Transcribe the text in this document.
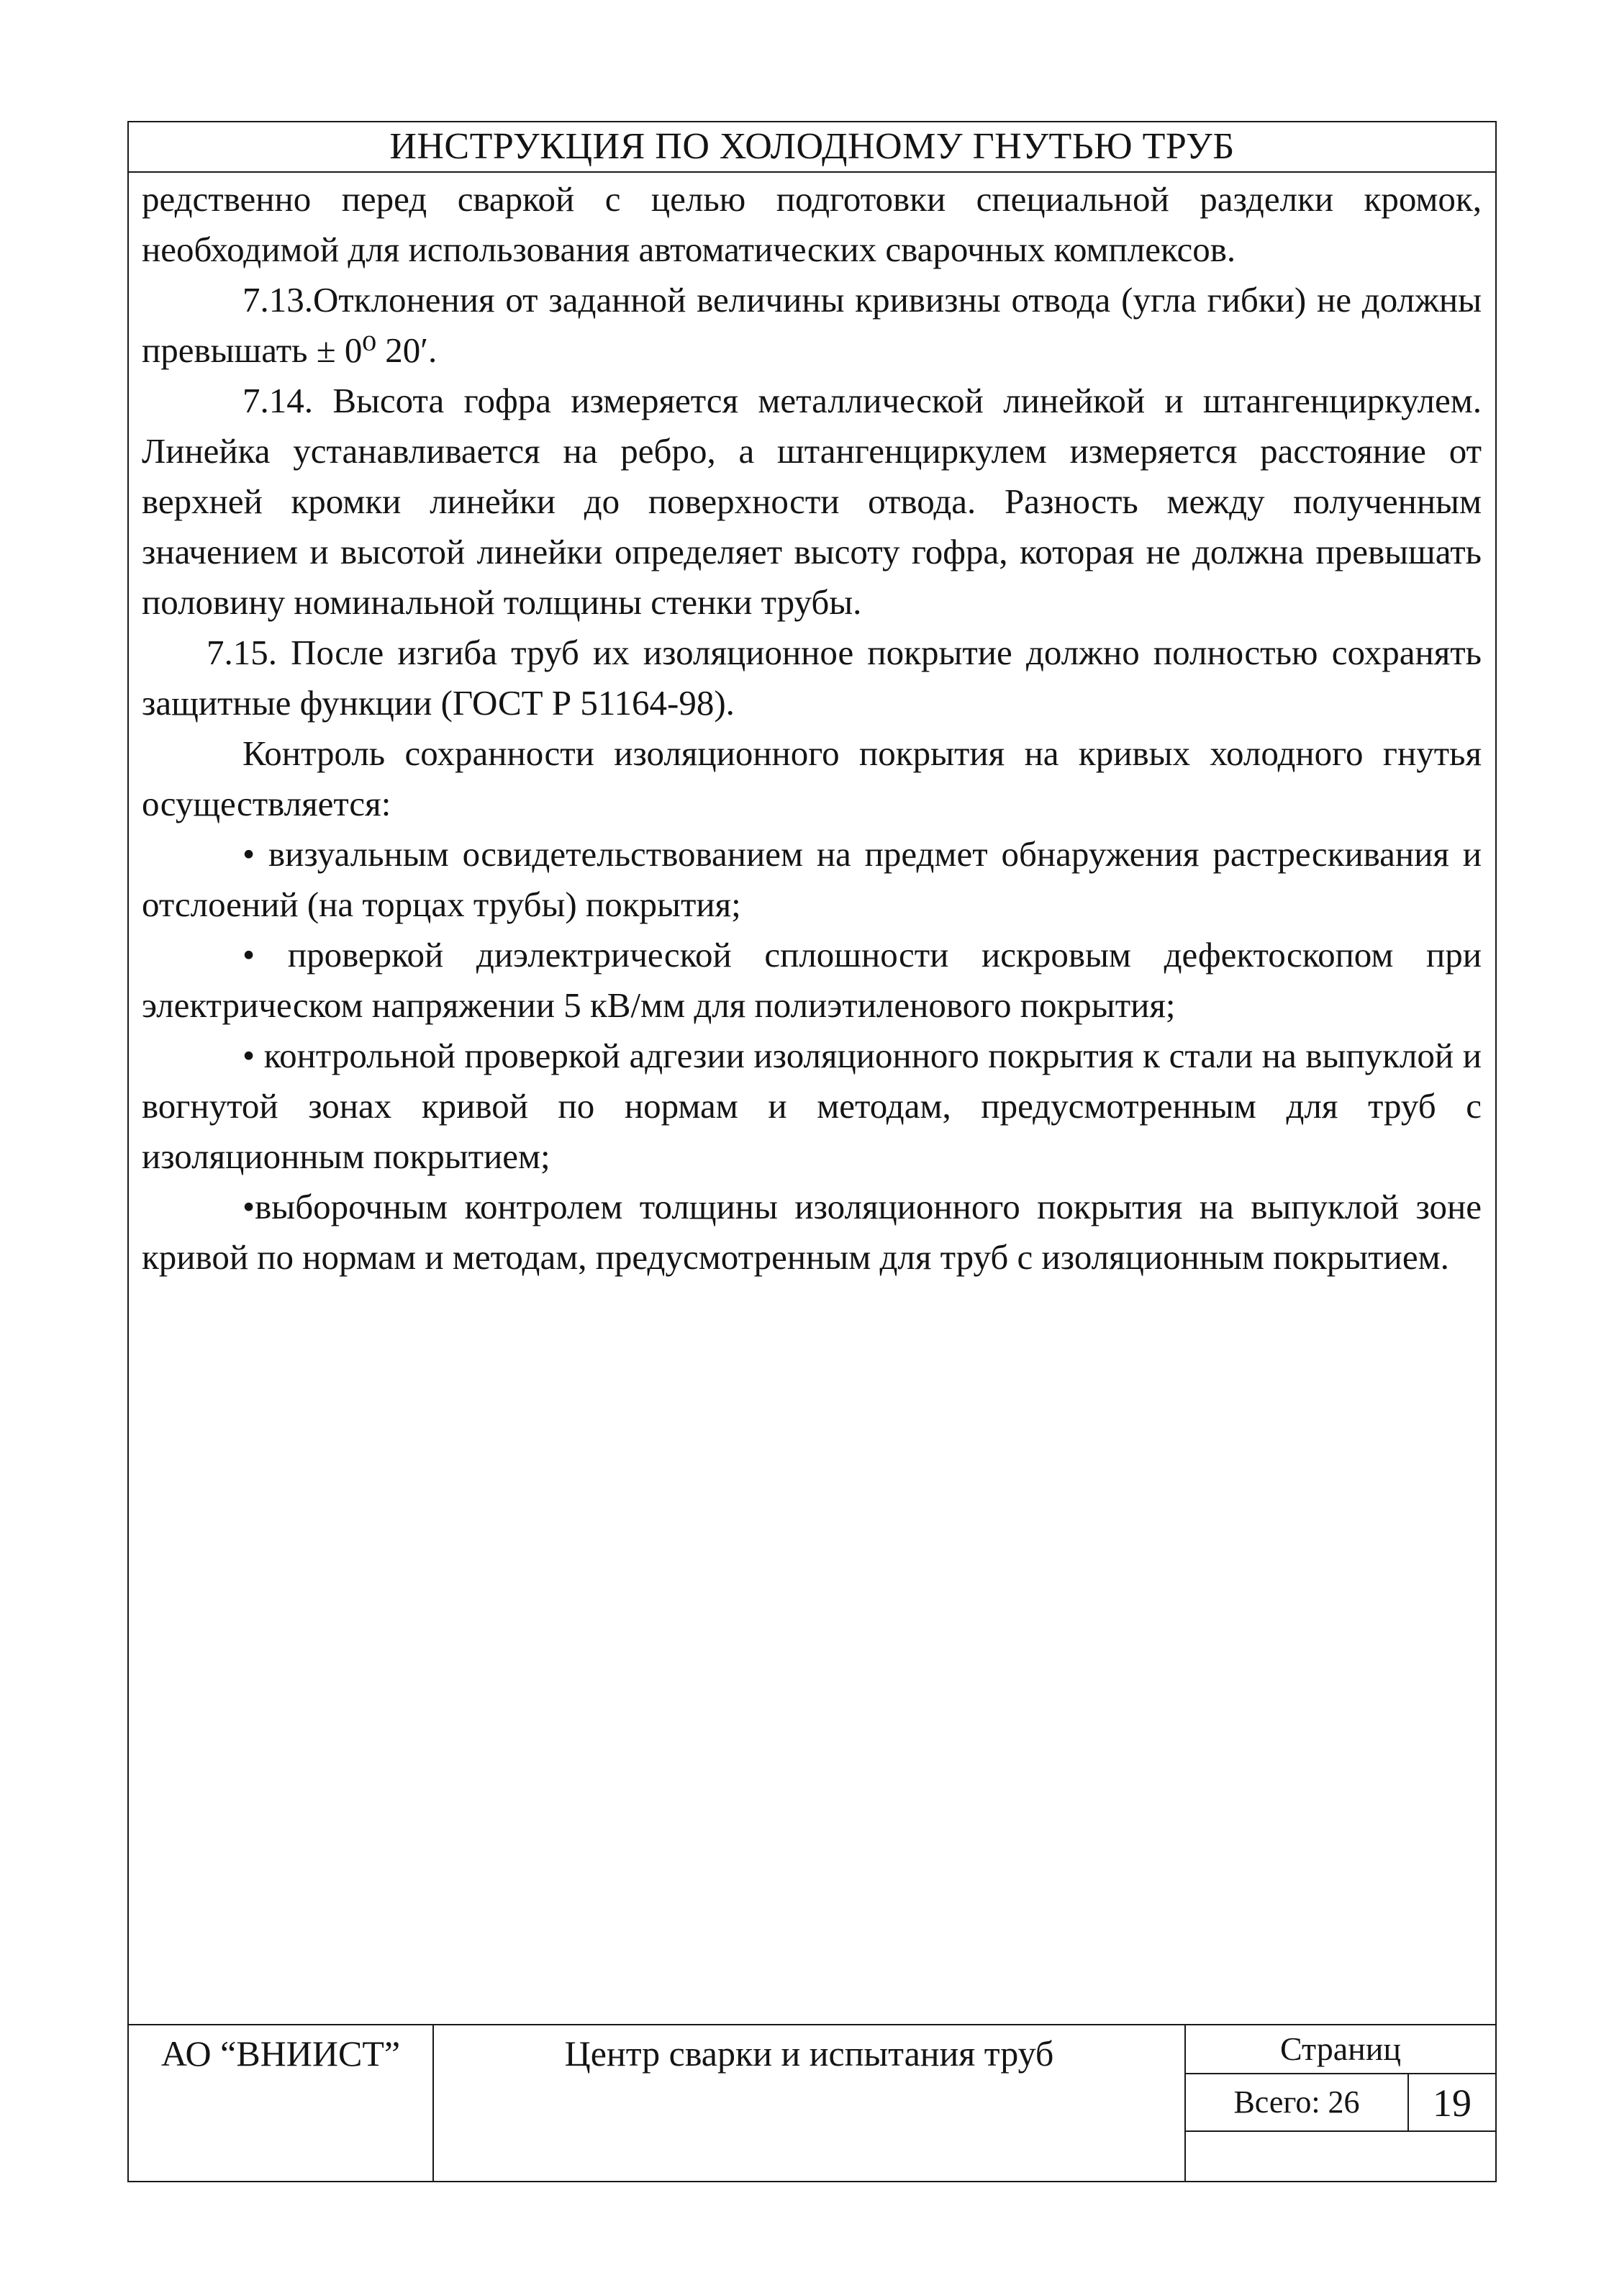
ИНСТРУКЦИЯ ПО ХОЛОДНОМУ ГНУТЬЮ ТРУБ

редственно перед сваркой с целью подготовки специальной разделки кромок, необходимой для использования автоматических сварочных комплексов.

7.13.Отклонения от заданной величины кривизны отвода (угла гибки) не должны превышать ± 0⁰ 20′.

7.14. Высота гофра измеряется металлической линейкой и штангенциркулем. Линейка устанавливается на ребро, а штангенциркулем измеряется расстояние от верхней кромки линейки до поверхности отвода. Разность между полученным значением и высотой линейки определяет высоту гофра, которая не должна превышать половину номинальной толщины стенки трубы.

7.15. После изгиба труб их изоляционное покрытие должно полностью сохранять защитные функции (ГОСТ Р 51164-98).

Контроль сохранности изоляционного покрытия на кривых холодного гнутья осуществляется:

• визуальным освидетельствованием на предмет обнаружения растрескивания и отслоений (на торцах трубы) покрытия;

• проверкой диэлектрической сплошности искровым дефектоскопом при электрическом напряжении 5 кВ/мм для полиэтиленового покрытия;

• контрольной проверкой адгезии изоляционного покрытия к стали на выпуклой и вогнутой зонах кривой по нормам и методам, предусмотренным для труб с изоляционным покрытием;

•выборочным контролем толщины изоляционного покрытия на выпуклой зоне кривой по нормам и методам, предусмотренным для труб с изоляционным покрытием.

АО “ВНИИСТ”	Центр сварки и испытания труб	Страниц
Всего: 26	19
